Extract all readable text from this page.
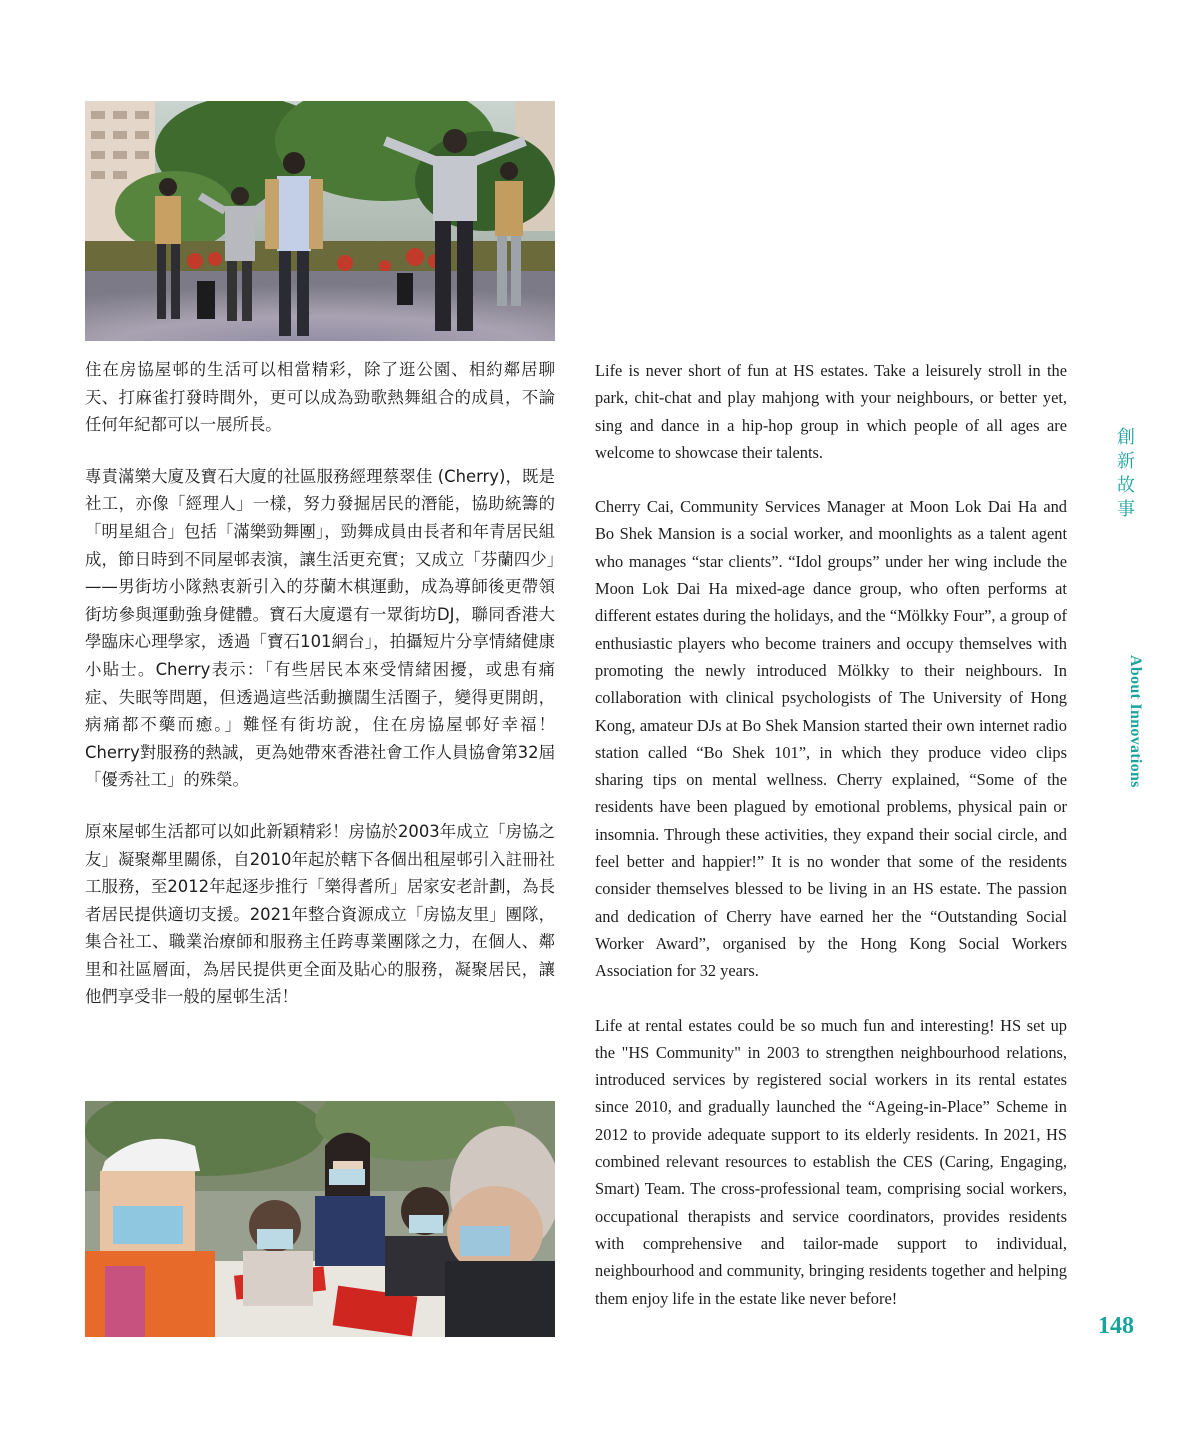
住在房協屋邨的生活可以相當精彩，除了逛公園、相約鄰居聊天、打麻雀打發時間外，更可以成為勁歌熱舞組合的成員，不論任何年紀都可以一展所長。

專責滿樂大廈及寶石大廈的社區服務經理蔡翠佳 (Cherry)，既是社工，亦像「經理人」一樣，努力發掘居民的潛能，協助統籌的「明星組合」包括「滿樂勁舞團」，勁舞成員由長者和年青居民組成，節日時到不同屋邨表演，讓生活更充實；又成立「芬蘭四少」——男街坊小隊熱衷新引入的芬蘭木棋運動，成為導師後更帶領街坊參與運動強身健體。寶石大廈還有一眾街坊DJ，聯同香港大學臨床心理學家，透過「寶石101網台」，拍攝短片分享情緒健康小貼士。Cherry表示：「有些居民本來受情緒困擾，或患有痛症、失眠等問題，但透過這些活動擴闊生活圈子，變得更開朗，病痛都不藥而癒。」難怪有街坊說，住在房協屋邨好幸福！Cherry對服務的熱誠，更為她帶來香港社會工作人員協會第32屆「優秀社工」的殊榮。

原來屋邨生活都可以如此新穎精彩！房協於2003年成立「房協之友」凝聚鄰里關係，自2010年起於轄下各個出租屋邨引入註冊社工服務，至2012年起逐步推行「樂得耆所」居家安老計劃，為長者居民提供適切支援。2021年整合資源成立「房協友里」團隊，集合社工、職業治療師和服務主任跨專業團隊之力，在個人、鄰里和社區層面，為居民提供更全面及貼心的服務，凝聚居民，讓他們享受非一般的屋邨生活！

Life is never short of fun at HS estates. Take a leisurely stroll in the park, chit-chat and play mahjong with your neighbours, or better yet, sing and dance in a hip-hop group in which people of all ages are welcome to showcase their talents.

Cherry Cai, Community Services Manager at Moon Lok Dai Ha and Bo Shek Mansion is a social worker, and moonlights as a talent agent who manages “star clients”. “Idol groups” under her wing include the Moon Lok Dai Ha mixed-age dance group, who often performs at different estates during the holidays, and the “Mölkky Four”, a group of enthusiastic players who become trainers and occupy themselves with promoting the newly introduced Mölkky to their neighbours. In collaboration with clinical psychologists of The University of Hong Kong, amateur DJs at Bo Shek Mansion started their own internet radio station called “Bo Shek 101”, in which they produce video clips sharing tips on mental wellness. Cherry explained, “Some of the residents have been plagued by emotional problems, physical pain or insomnia. Through these activities, they expand their social circle, and feel better and happier!” It is no wonder that some of the residents consider themselves blessed to be living in an HS estate. The passion and dedication of Cherry have earned her the “Outstanding Social Worker Award”, organised by the Hong Kong Social Workers Association for 32 years.

Life at rental estates could be so much fun and interesting! HS set up the "HS Community" in 2003 to strengthen neighbourhood relations, introduced services by registered social workers in its rental estates since 2010, and gradually launched the “Ageing-in-Place” Scheme in 2012 to provide adequate support to its elderly residents. In 2021, HS combined relevant resources to establish the CES (Caring, Engaging, Smart) Team. The cross-professional team, comprising social workers, occupational therapists and service coordinators, provides residents with comprehensive and tailor-made support to individual, neighbourhood and community, bringing residents together and helping them enjoy life in the estate like never before!

創
新
故
事
About Innovations
148
